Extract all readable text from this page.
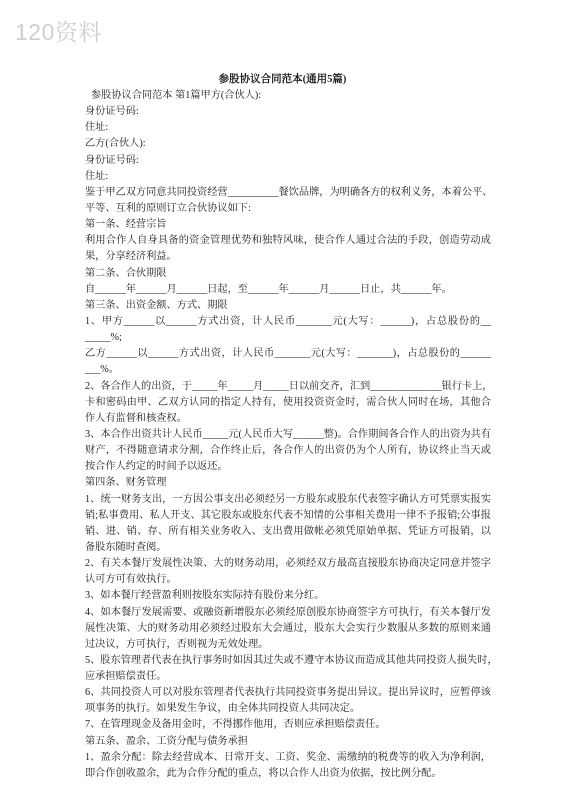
120资料
参股协议合同范本(通用5篇)
参股协议合同范本 第1篇甲方(合伙人):
身份证号码:
住址:
乙方(合伙人):
身份证号码:
住址:
鉴于甲乙双方同意共同投资经营__________餐饮品牌，为明确各方的权利义务，本着公平、
平等、互利的原则订立合伙协议如下:
第一条、经营宗旨
利用合作人自身具备的资金管理优势和独特风味，使合作人通过合法的手段，创造劳动成
果，分享经济利益。
第二条、合伙期限
自______年______月______日起，至______年______月______日止，共______年。
第三条、出资金额、方式、期限
1、甲方______以______方式出资，计人民币_______元(大写：______)，占总股份的__
_____%;
乙方______以______方式出资，计人民币_______元(大写：_______)，占总股份的______
___%。
2、各合作人的出资，于_____年_____月_____日以前交齐，汇到______________银行卡上，
卡和密码由甲、乙双方认同的指定人持有，使用投资资金时，需合伙人同时在场，其他合
作人有监督和核查权。
3、本合作出资共计人民币_____元(人民币大写______整)。合作期间各合作人的出资为共有
财产，不得随意请求分割，合作终止后，各合作人的出资仍为个人所有，协议终止当天或
按合作人约定的时间予以返还。
第四条、财务管理
1、统一财务支出，一方因公事支出必须经另一方股东或股东代表签字确认方可凭票实报实
销;私事费用、私人开支、其它股东或股东代表不知情的公事相关费用一律不予报销;公事报
销、进、销、存、所有相关业务收入、支出费用做帐必须凭原始单据、凭证方可报销，以
备股东随时查阅。
2、有关本餐厅发展性决策、大的财务动用，必须经双方最高直接股东协商决定同意并签字
认可方可有效执行。
3、如本餐厅经营盈利则按股东实际持有股份来分红。
4、如本餐厅发展需要、或融资新增股东必须经原创股东协商签字方可执行，有关本餐厅发
展性决策、大的财务动用必须经过股东大会通过，股东大会实行少数服从多数的原则来通
过决议，方可执行，否则视为无效处理。
5、股东管理者代表在执行事务时如因其过失或不遵守本协议而造成其他共同投资人损失时，
应承担赔偿责任。
6、共同投资人可以对股东管理者代表执行共同投资事务提出异议。提出异议时，应暂停该
项事务的执行。如果发生争议，由全体共同投资人共同决定。
7、在管理现金及备用金时，不得挪作他用，否则应承担赔偿责任。
第五条、盈余、工资分配与债务承担
1、盈余分配：除去经营成本、日常开支、工资、奖金、需缴纳的税费等的收入为净利润，
即合作创收盈余，此为合作分配的重点，将以合作人出资为依据，按比例分配。
